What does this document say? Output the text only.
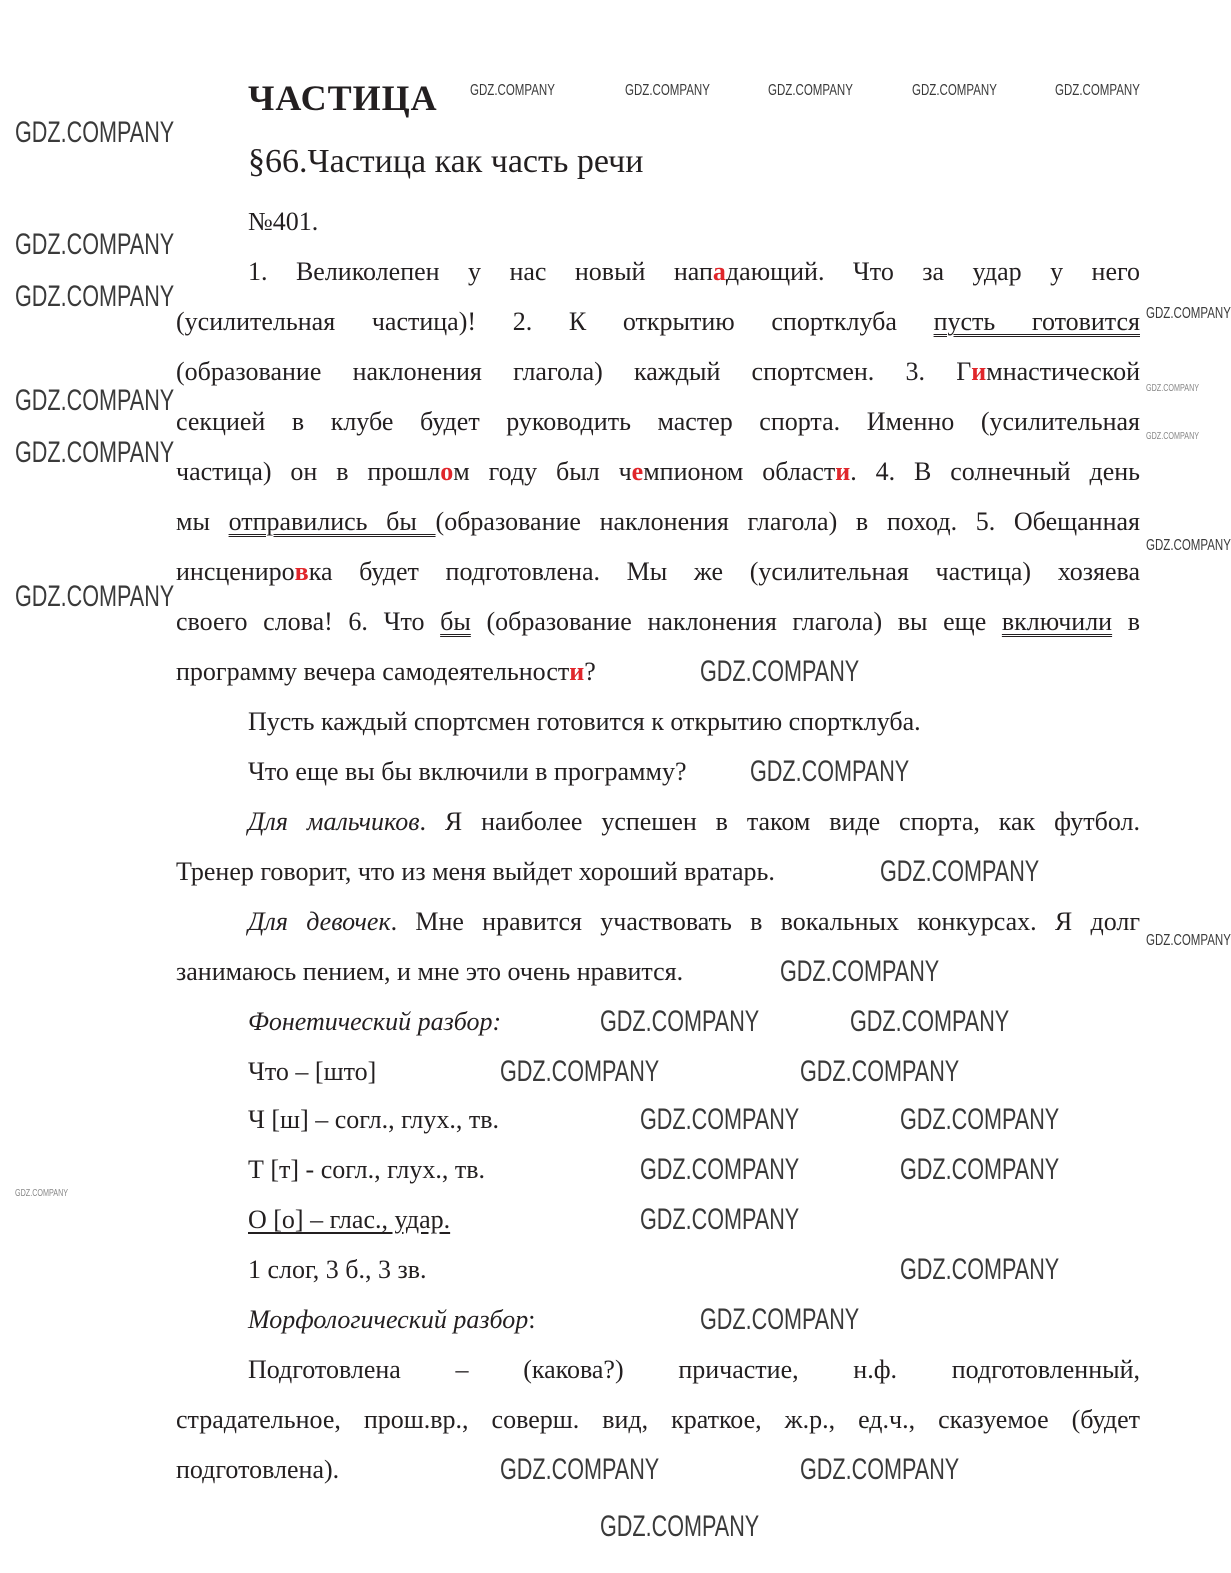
ЧАСТИЦА
§66.Частица как часть речи
№401.
1. Великолепен у нас новый нападающий. Что за удар у него
(усилительная частица)! 2. К открытию спортклуба пусть готовится
(образование наклонения глагола) каждый спортсмен. 3. Гимнастической
секцией в клубе будет руководить мастер спорта. Именно (усилительная
частица) он в прошлом году был чемпионом области. 4. В солнечный день
мы отправились бы (образование наклонения глагола) в поход. 5. Обещанная
инсценировка будет подготовлена. Мы же (усилительная частица) хозяева
своего слова! 6. Что бы (образование наклонения глагола) вы еще включили в
программу вечера самодеятельности?
Пусть каждый спортсмен готовится к открытию спортклуба.
Что еще вы бы включили в программу?
Для мальчиков. Я наиболее успешен в таком виде спорта, как футбол.
Тренер говорит, что из меня выйдет хороший вратарь.
Для девочек. Мне нравится участвовать в вокальных конкурсах. Я долг
занимаюсь пением, и мне это очень нравится.
Фонетический разбор:
Что – [што]
Ч [ш] – согл., глух., тв.
Т [т] - согл., глух., тв.
О [о] – глас., удар.
1 слог, 3 б., 3 зв.
Морфологический разбор:
Подготовлена – (какова?) причастие, н.ф. подготовленный,
страдательное, прош.вр., соверш. вид, краткое, ж.р., ед.ч., сказуемое (будет
подготовлена).
GDZ.COMPANY	GDZ.COMPANY	GDZ.COMPANY	GDZ.COMPANY	GDZ.COMPANY
GDZ.COMPANY
GDZ.COMPANY
GDZ.COMPANY
GDZ.COMPANY
GDZ.COMPANY
GDZ.COMPANY
GDZ.COMPANY
GDZ.COMPANY
GDZ.COMPANY
GDZ.COMPANY
GDZ.COMPANY
GDZ.COMPANY
GDZ.COMPANY
GDZ.COMPANY
GDZ.COMPANY
GDZ.COMPANY
GDZ.COMPANY	GDZ.COMPANY
GDZ.COMPANY	GDZ.COMPANY
GDZ.COMPANY	GDZ.COMPANY
GDZ.COMPANY	GDZ.COMPANY
GDZ.COMPANY
GDZ.COMPANY
GDZ.COMPANY
GDZ.COMPANY	GDZ.COMPANY
GDZ.COMPANY
